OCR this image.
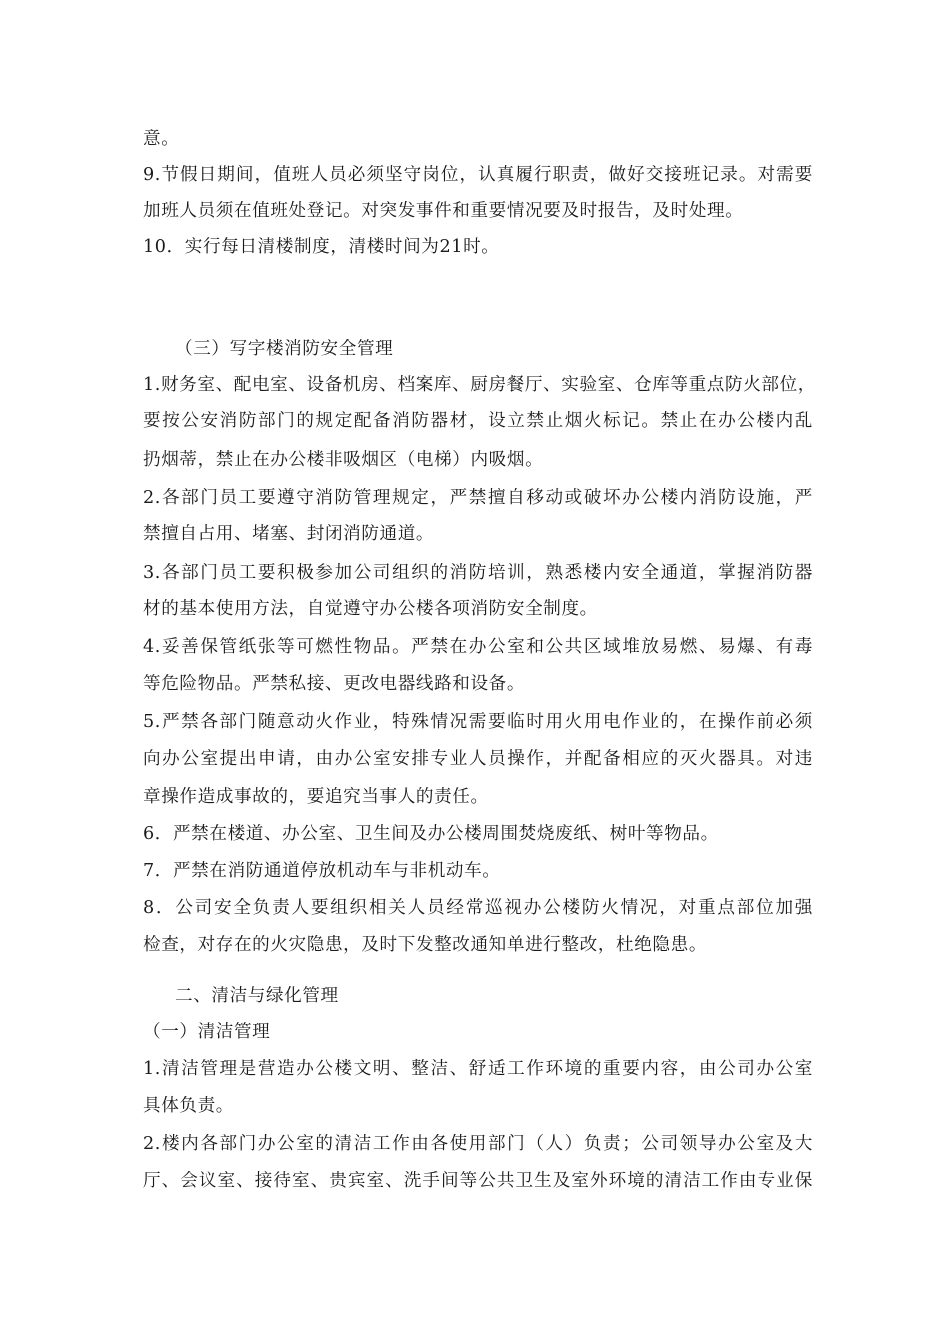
意。
9.节假日期间，值班人员必须坚守岗位，认真履行职责，做好交接班记录。对需要
加班人员须在值班处登记。对突发事件和重要情况要及时报告，及时处理。
10．实行每日清楼制度，清楼时间为21时。
（三）写字楼消防安全管理
1.财务室、配电室、设备机房、档案库、厨房餐厅、实验室、仓库等重点防火部位，
要按公安消防部门的规定配备消防器材，设立禁止烟火标记。禁止在办公楼内乱
扔烟蒂，禁止在办公楼非吸烟区（电梯）内吸烟。
2.各部门员工要遵守消防管理规定，严禁擅自移动或破坏办公楼内消防设施，严
禁擅自占用、堵塞、封闭消防通道。
3.各部门员工要积极参加公司组织的消防培训，熟悉楼内安全通道，掌握消防器
材的基本使用方法，自觉遵守办公楼各项消防安全制度。
4.妥善保管纸张等可燃性物品。严禁在办公室和公共区域堆放易燃、易爆、有毒
等危险物品。严禁私接、更改电器线路和设备。
5.严禁各部门随意动火作业，特殊情况需要临时用火用电作业的，在操作前必须
向办公室提出申请，由办公室安排专业人员操作，并配备相应的灭火器具。对违
章操作造成事故的，要追究当事人的责任。
6．严禁在楼道、办公室、卫生间及办公楼周围焚烧废纸、树叶等物品。
7．严禁在消防通道停放机动车与非机动车。
8．公司安全负责人要组织相关人员经常巡视办公楼防火情况，对重点部位加强
检查，对存在的火灾隐患，及时下发整改通知单进行整改，杜绝隐患。
二、清洁与绿化管理
（一）清洁管理
1.清洁管理是营造办公楼文明、整洁、舒适工作环境的重要内容，由公司办公室
具体负责。
2.楼内各部门办公室的清洁工作由各使用部门（人）负责；公司领导办公室及大
厅、会议室、接待室、贵宾室、洗手间等公共卫生及室外环境的清洁工作由专业保
